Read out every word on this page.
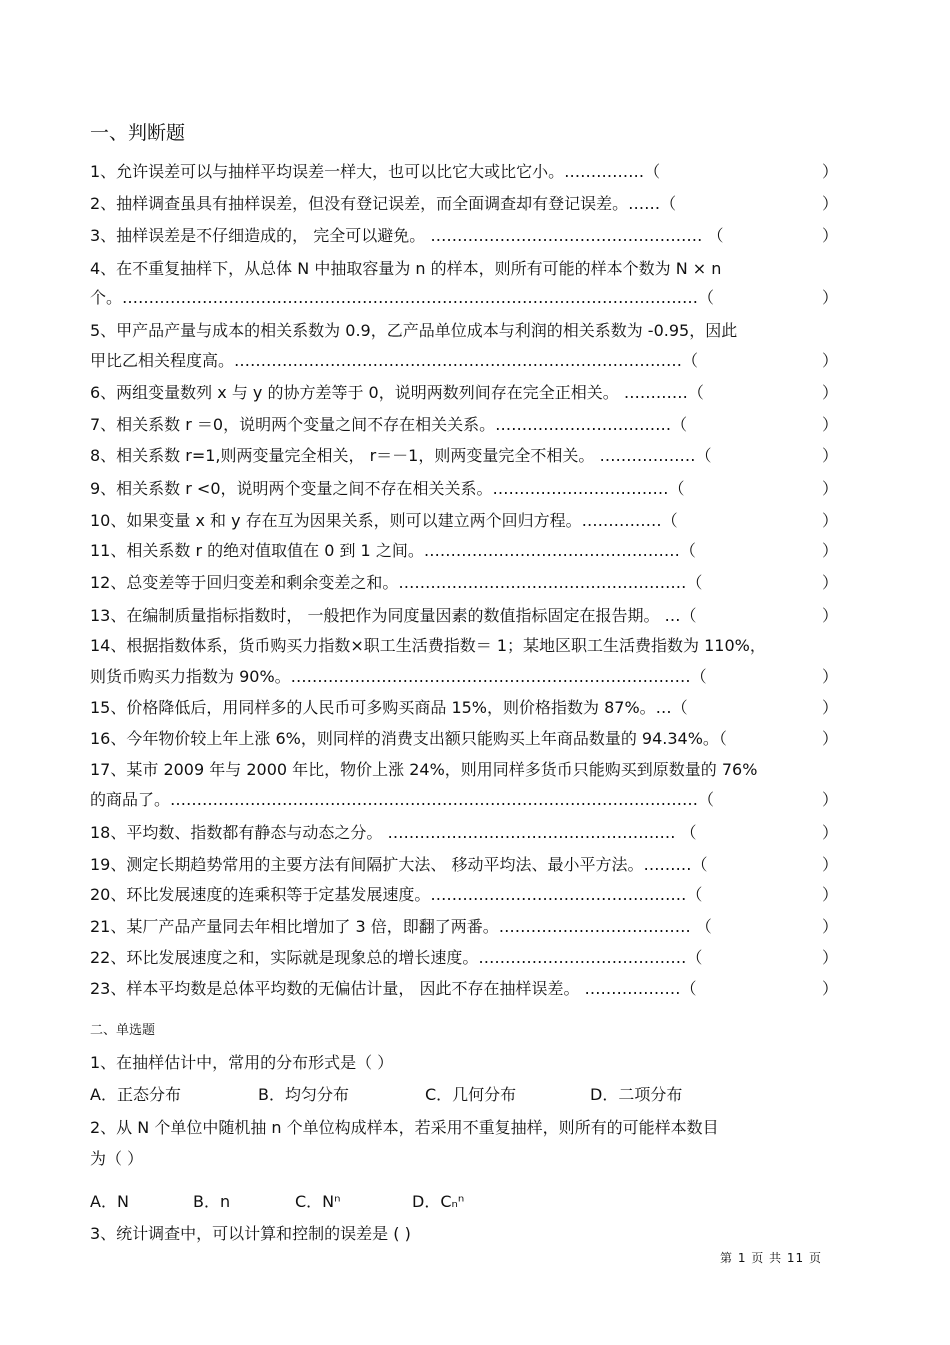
一、判断题
1、允许误差可以与抽样平均误差一样大，也可以比它大或比它小。……………（	）
2、抽样调查虽具有抽样误差，但没有登记误差，而全面调查却有登记误差。……（	）
3、抽样误差是不仔细造成的， 完全可以避免。 …………………………………………… （	）
4、在不重复抽样下，从总体 N 中抽取容量为 n 的样本，则所有可能的样本个数为 N × n
个。………………………………………………………………………………………………（	）
5、甲产品产量与成本的相关系数为 0.9，乙产品单位成本与利润的相关系数为 -0.95，因此
甲比乙相关程度高。…………………………………………………………………………（	）
6、两组变量数列 x 与 y 的协方差等于 0，说明两数列间存在完全正相关。 …………（	）
7、相关系数 r ＝0，说明两个变量之间不存在相关关系。……………………………（	）
8、相关系数 r=1,则两变量完全相关， r＝－1，则两变量完全不相关。 ………………（	）
9、相关系数 r <0，说明两个变量之间不存在相关关系。……………………………（	）
10、如果变量 x 和 y 存在互为因果关系，则可以建立两个回归方程。……………（	）
11、相关系数 r 的绝对值取值在 0 到 1 之间。…………………………………………（	）
12、总变差等于回归变差和剩余变差之和。………………………………………………（	）
13、在编制质量指标指数时， 一般把作为同度量因素的数值指标固定在报告期。 …（	）
14、根据指数体系，货币购买力指数×职工生活费指数＝ 1；某地区职工生活费指数为 110%，
则货币购买力指数为 90%。…………………………………………………………………（	）
15、价格降低后，用同样多的人民币可多购买商品 15%，则价格指数为 87%。…（	）
16、今年物价较上年上涨 6%，则同样的消费支出额只能购买上年商品数量的 94.34%。（	）
17、某市 2009 年与 2000 年比，物价上涨 24%，则用同样多货币只能购买到原数量的 76%
的商品了。………………………………………………………………………………………（	）
18、平均数、指数都有静态与动态之分。 ……………………………………………… （	）
19、测定长期趋势常用的主要方法有间隔扩大法、 移动平均法、最小平方法。………（	）
20、环比发展速度的连乘积等于定基发展速度。…………………………………………（	）
21、某厂产品产量同去年相比增加了 3 倍，即翻了两番。……………………………… （	）
22、环比发展速度之和，实际就是现象总的增长速度。…………………………………（	）
23、样本平均数是总体平均数的无偏估计量， 因此不存在抽样误差。 ………………（	）
二、单选题
1、在抽样估计中，常用的分布形式是（ ）
A．正态分布	B．均匀分布	C．几何分布	D．二项分布
2、从 N 个单位中随机抽 n 个单位构成样本，若采用不重复抽样，则所有的可能样本数目
为（ ）
A．N	B．n	C．Nⁿ	D．Cₙⁿ
3、统计调查中，可以计算和控制的误差是 ( )
第 1 页 共 11 页
